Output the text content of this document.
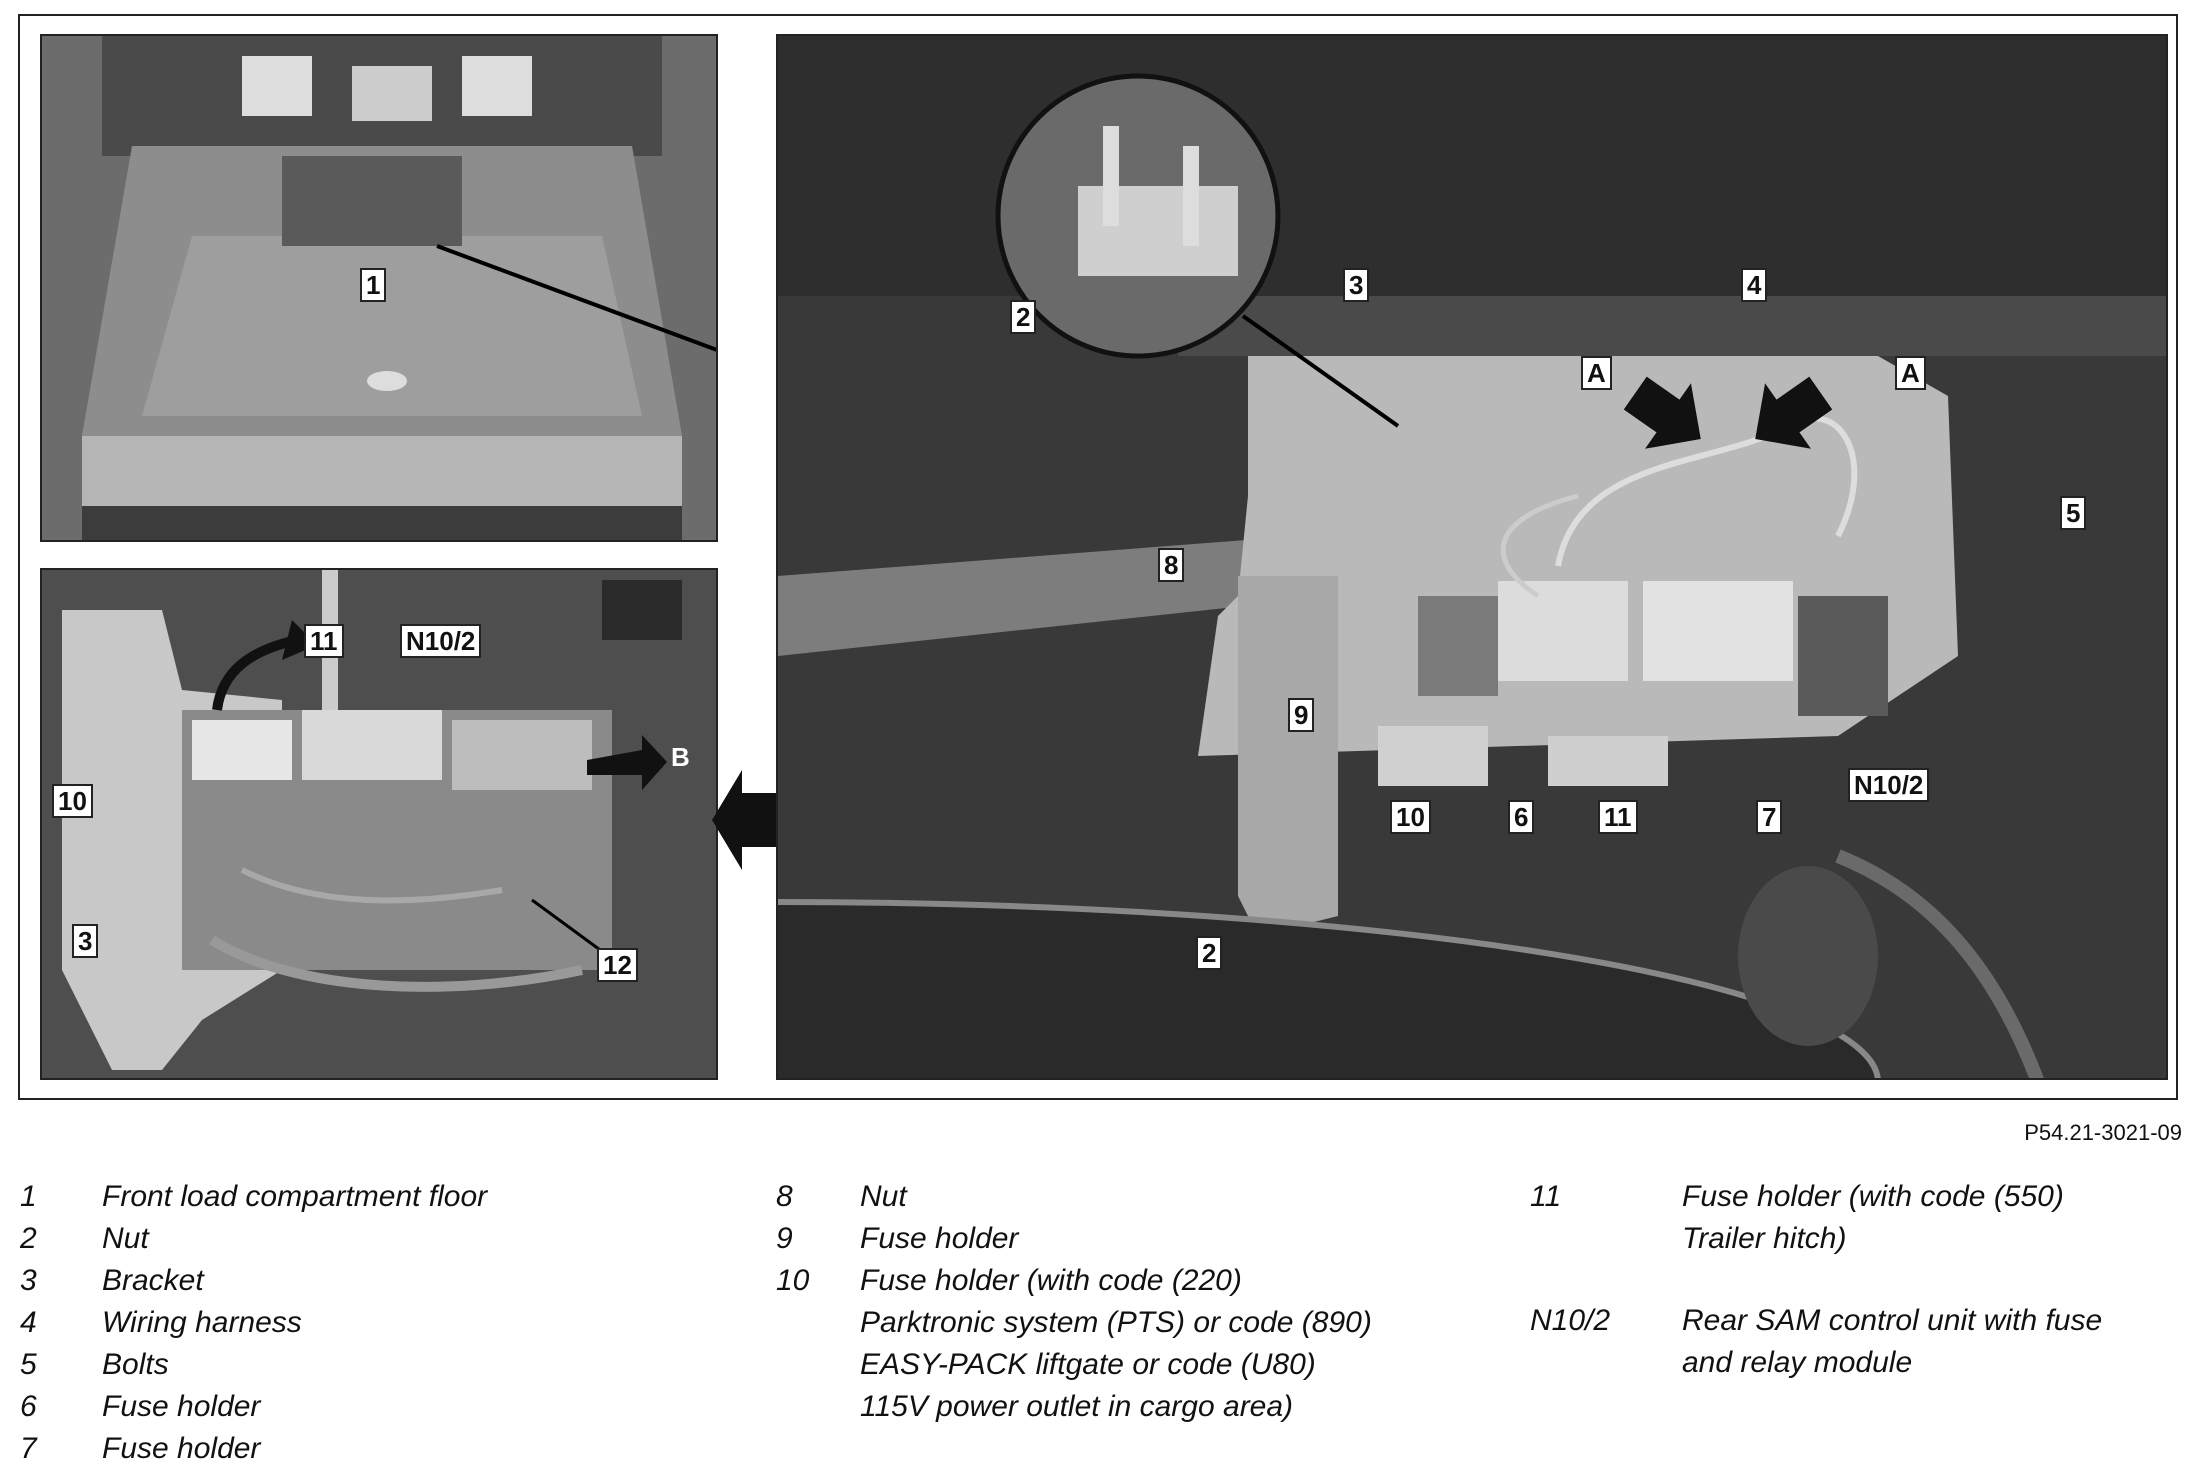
1
11	N10/2
10
3
12
B
2
3	4
A	A
5
8
9
10	6	11	7
N10/2
2
P54.21-3021-09
1 Front load compartment floor
2 Nut
3 Bracket
4 Wiring harness
5 Bolts
6 Fuse holder
7 Fuse holder
8 Nut
9 Fuse holder
10 Fuse holder (with code (220)
Parktronic system (PTS) or code (890)
EASY-PACK liftgate or code (U80)
115V power outlet in cargo area)
11	Fuse holder (with code (550)
Trailer hitch)
N10/2 Rear SAM control unit with fuse
and relay module
